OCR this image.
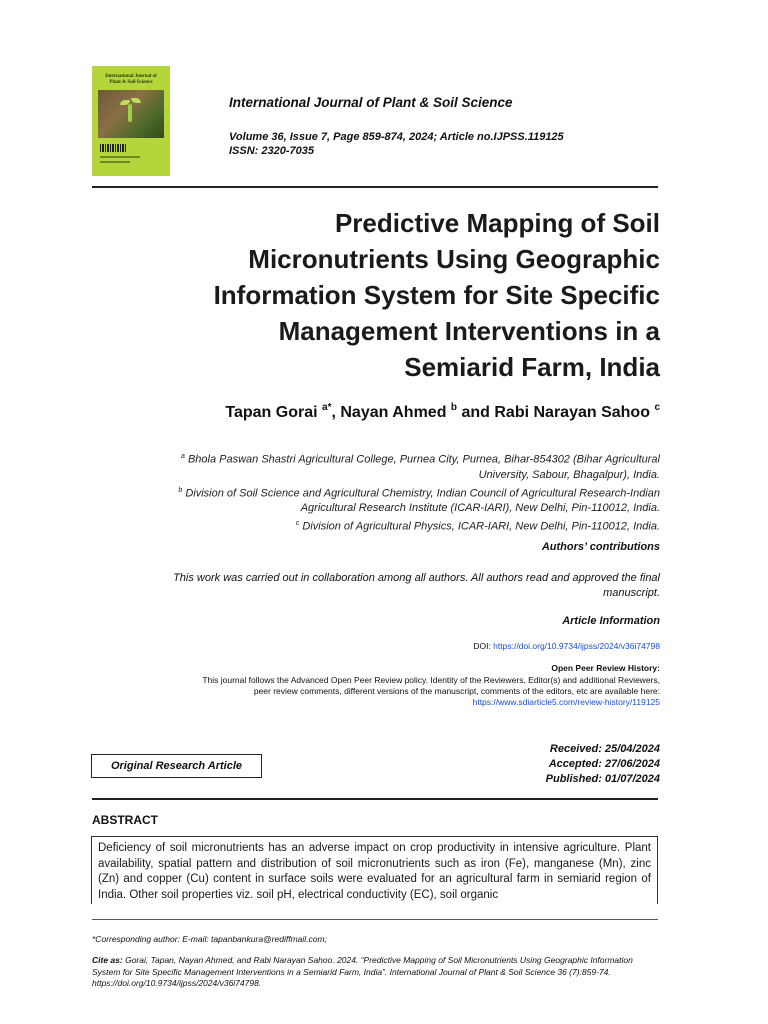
International Journal of
Plant & Soil Science
International Journal of Plant & Soil Science
Volume 36, Issue 7, Page 859-874, 2024; Article no.IJPSS.119125
ISSN: 2320-7035
Predictive Mapping of Soil
Micronutrients Using Geographic
Information System for Site Specific
Management Interventions in a
Semiarid Farm, India
Tapan Gorai $^{a*}$, Nayan Ahmed $^b$ and Rabi Narayan Sahoo $^c$
$^a$ Bhola Paswan Shastri Agricultural College, Purnea City, Purnea, Bihar-854302 (Bihar Agricultural
University, Sabour, Bhagalpur), India.
$^b$ Division of Soil Science and Agricultural Chemistry, Indian Council of Agricultural Research-Indian
Agricultural Research Institute (ICAR-IARI), New Delhi, Pin-110012, India.
$^c$ Division of Agricultural Physics, ICAR-IARI, New Delhi, Pin-110012, India.
Authors’ contributions
This work was carried out in collaboration among all authors. All authors read and approved the final
manuscript.
Article Information
DOI: https://doi.org/10.9734/ijpss/2024/v36i74798
Open Peer Review History:
This journal follows the Advanced Open Peer Review policy. Identity of the Reviewers, Editor(s) and additional Reviewers,
peer review comments, different versions of the manuscript, comments of the editors, etc are available here:
https://www.sdiarticle5.com/review-history/119125
Original Research Article
Received: 25/04/2024
Accepted: 27/06/2024
Published: 01/07/2024
ABSTRACT
Deficiency of soil micronutrients has an adverse impact on crop productivity in intensive agriculture. Plant availability, spatial pattern and distribution of soil micronutrients such as iron (Fe), manganese (Mn), zinc (Zn) and copper (Cu) content in surface soils were evaluated for an agricultural farm in semiarid region of India. Other soil properties viz. soil pH, electrical conductivity (EC), soil organic
*Corresponding author: E-mail: tapanbankura@rediffmail.com;
Cite as: Gorai, Tapan, Nayan Ahmed, and Rabi Narayan Sahoo. 2024. “Predictive Mapping of Soil Micronutrients Using Geographic Information System for Site Specific Management Interventions in a Semiarid Farm, India”. International Journal of Plant & Soil Science 36 (7):859-74. https://doi.org/10.9734/ijpss/2024/v36i74798.
